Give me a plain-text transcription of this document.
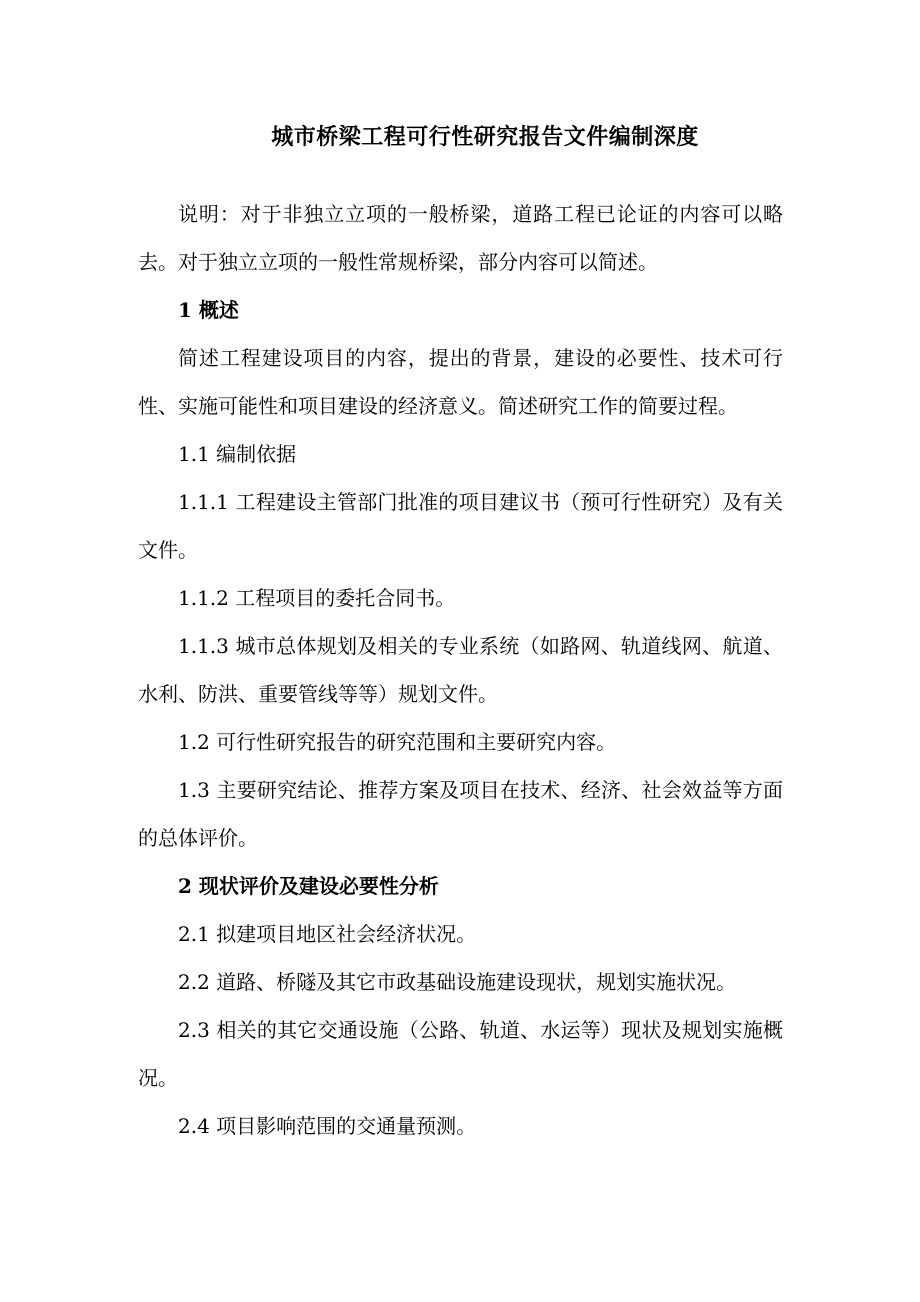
城市桥梁工程可行性研究报告文件编制深度

说明：对于非独立立项的一般桥梁，道路工程已论证的内容可以略去。对于独立立项的一般性常规桥梁，部分内容可以简述。

1 概述

简述工程建设项目的内容，提出的背景，建设的必要性、技术可行性、实施可能性和项目建设的经济意义。简述研究工作的简要过程。

1.1 编制依据

1.1.1 工程建设主管部门批准的项目建议书（预可行性研究）及有关文件。

1.1.2 工程项目的委托合同书。

1.1.3 城市总体规划及相关的专业系统（如路网、轨道线网、航道、水利、防洪、重要管线等等）规划文件。

1.2 可行性研究报告的研究范围和主要研究内容。

1.3 主要研究结论、推荐方案及项目在技术、经济、社会效益等方面的总体评价。

2 现状评价及建设必要性分析

2.1 拟建项目地区社会经济状况。

2.2 道路、桥隧及其它市政基础设施建设现状，规划实施状况。

2.3 相关的其它交通设施（公路、轨道、水运等）现状及规划实施概况。

2.4 项目影响范围的交通量预测。
